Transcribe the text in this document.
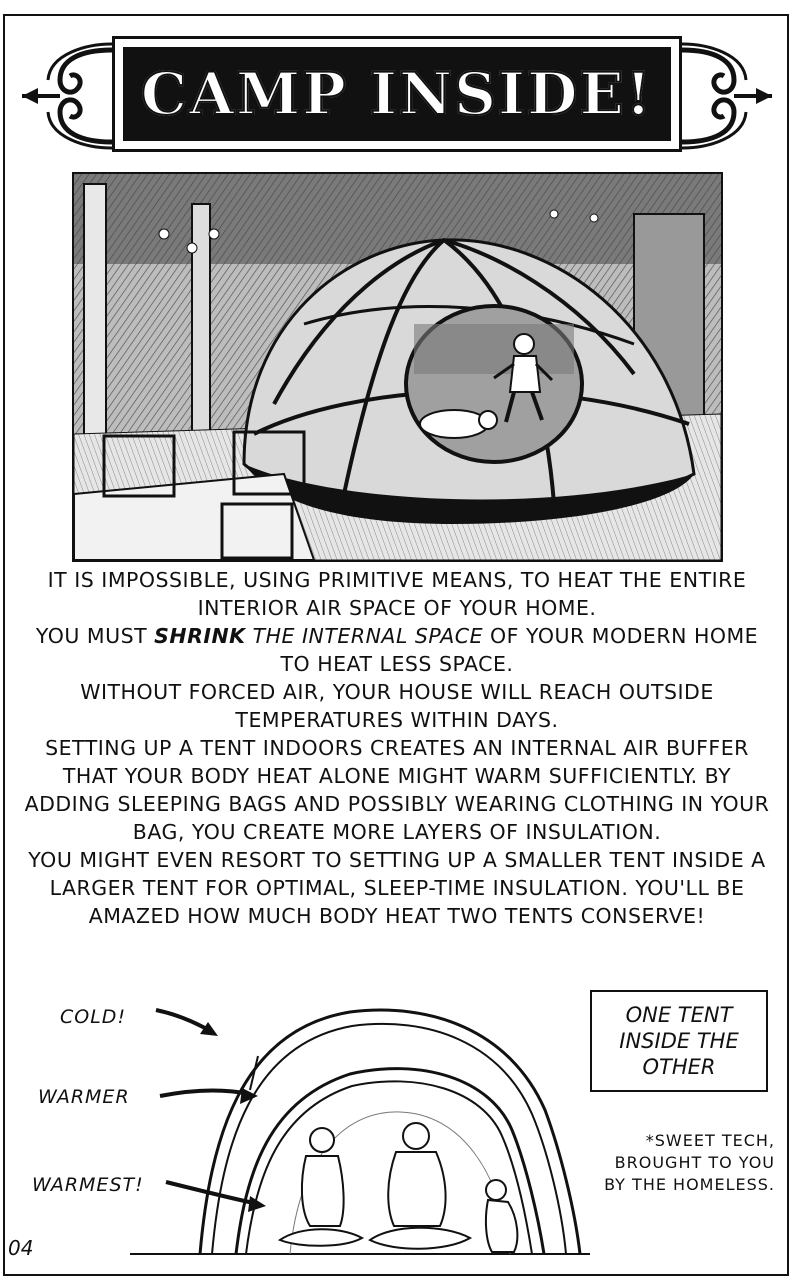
CAMP INSIDE!

IT IS IMPOSSIBLE, USING PRIMITIVE MEANS, TO HEAT THE ENTIRE INTERIOR AIR SPACE OF YOUR HOME.

YOU MUST SHRINK THE INTERNAL SPACE OF YOUR MODERN HOME TO HEAT LESS SPACE.

WITHOUT FORCED AIR, YOUR HOUSE WILL REACH OUTSIDE TEMPERATURES WITHIN DAYS.

SETTING UP A TENT INDOORS CREATES AN INTERNAL AIR BUFFER THAT YOUR BODY HEAT ALONE MIGHT WARM SUFFICIENTLY. BY ADDING SLEEPING BAGS AND POSSIBLY WEARING CLOTHING IN YOUR BAG, YOU CREATE MORE LAYERS OF INSULATION.

YOU MIGHT EVEN RESORT TO SETTING UP A SMALLER TENT INSIDE A LARGER TENT FOR OPTIMAL, SLEEP-TIME INSULATION. YOU'LL BE AMAZED HOW MUCH BODY HEAT TWO TENTS CONSERVE!

COLD!
WARMER
WARMEST!
ONE TENT INSIDE THE OTHER
*SWEET TECH, BROUGHT TO YOU BY THE HOMELESS.
04
